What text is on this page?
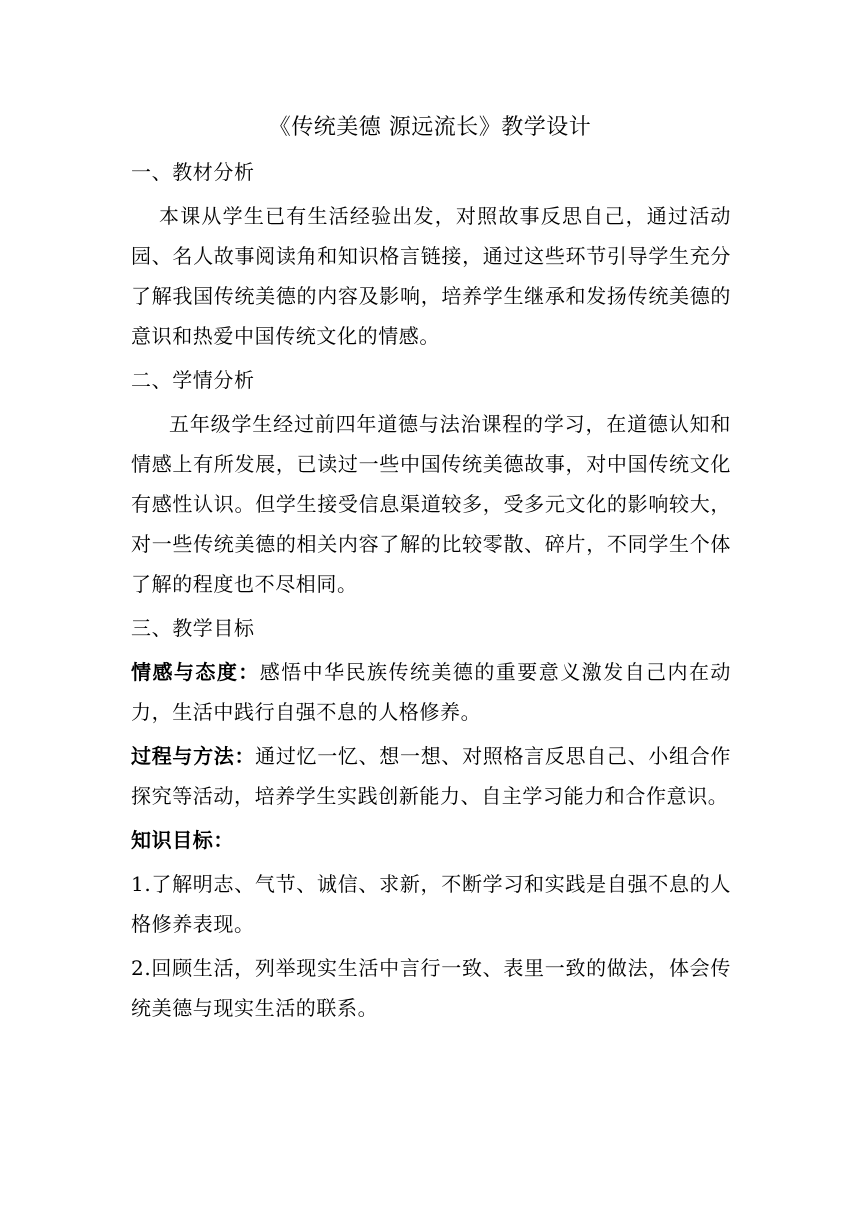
《传统美德 源远流长》教学设计
一、教材分析
本课从学生已有生活经验出发，对照故事反思自己，通过活动园、名人故事阅读角和知识格言链接，通过这些环节引导学生充分了解我国传统美德的内容及影响，培养学生继承和发扬传统美德的意识和热爱中国传统文化的情感。
二、学情分析
五年级学生经过前四年道德与法治课程的学习，在道德认知和情感上有所发展，已读过一些中国传统美德故事，对中国传统文化有感性认识。但学生接受信息渠道较多，受多元文化的影响较大，对一些传统美德的相关内容了解的比较零散、碎片，不同学生个体了解的程度也不尽相同。
三、教学目标
情感与态度：感悟中华民族传统美德的重要意义激发自己内在动力，生活中践行自强不息的人格修养。
过程与方法：通过忆一忆、想一想、对照格言反思自己、小组合作探究等活动，培养学生实践创新能力、自主学习能力和合作意识。
知识目标：
1.了解明志、气节、诚信、求新，不断学习和实践是自强不息的人格修养表现。
2.回顾生活，列举现实生活中言行一致、表里一致的做法，体会传统美德与现实生活的联系。
